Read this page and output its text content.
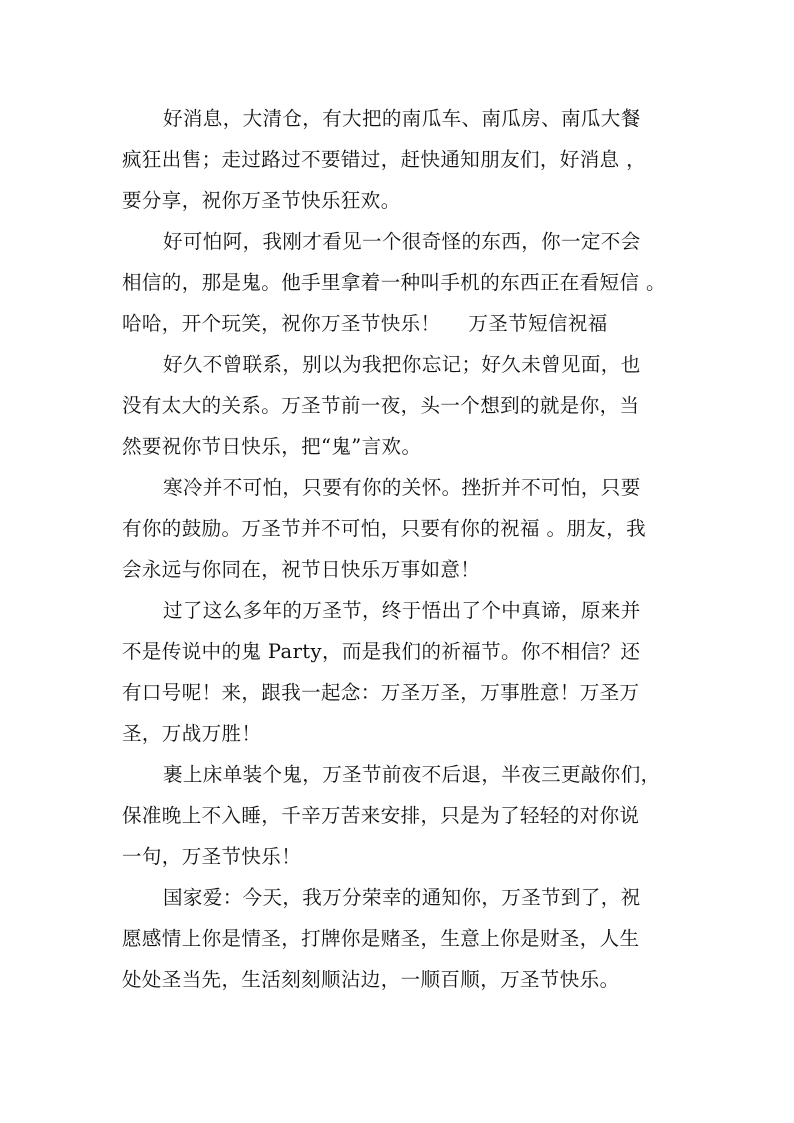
好消息，大清仓，有大把的南瓜车、南瓜房、南瓜大餐
疯狂出售；走过路过不要错过，赶快通知朋友们，好消息 ，
要分享，祝你万圣节快乐狂欢。

好可怕阿，我刚才看见一个很奇怪的东西，你一定不会
相信的，那是鬼。他手里拿着一种叫手机的东西正在看短信 。
哈哈，开个玩笑，祝你万圣节快乐！ 万圣节短信祝福

好久不曾联系，别以为我把你忘记；好久未曾见面，也
没有太大的关系。万圣节前一夜，头一个想到的就是你，当
然要祝你节日快乐，把“鬼”言欢。

寒冷并不可怕，只要有你的关怀。挫折并不可怕，只要
有你的鼓励。万圣节并不可怕，只要有你的祝福 。朋友，我
会永远与你同在，祝节日快乐万事如意！

过了这么多年的万圣节，终于悟出了个中真谛，原来并
不是传说中的鬼 Party，而是我们的祈福节。你不相信？还
有口号呢！来，跟我一起念：万圣万圣，万事胜意！万圣万
圣，万战万胜！

裹上床单装个鬼，万圣节前夜不后退，半夜三更敲你们，
保准晚上不入睡，千辛万苦来安排，只是为了轻轻的对你说
一句，万圣节快乐！

国家爱：今天，我万分荣幸的通知你，万圣节到了，祝
愿感情上你是情圣，打牌你是赌圣，生意上你是财圣，人生
处处圣当先，生活刻刻顺沾边，一顺百顺，万圣节快乐。
